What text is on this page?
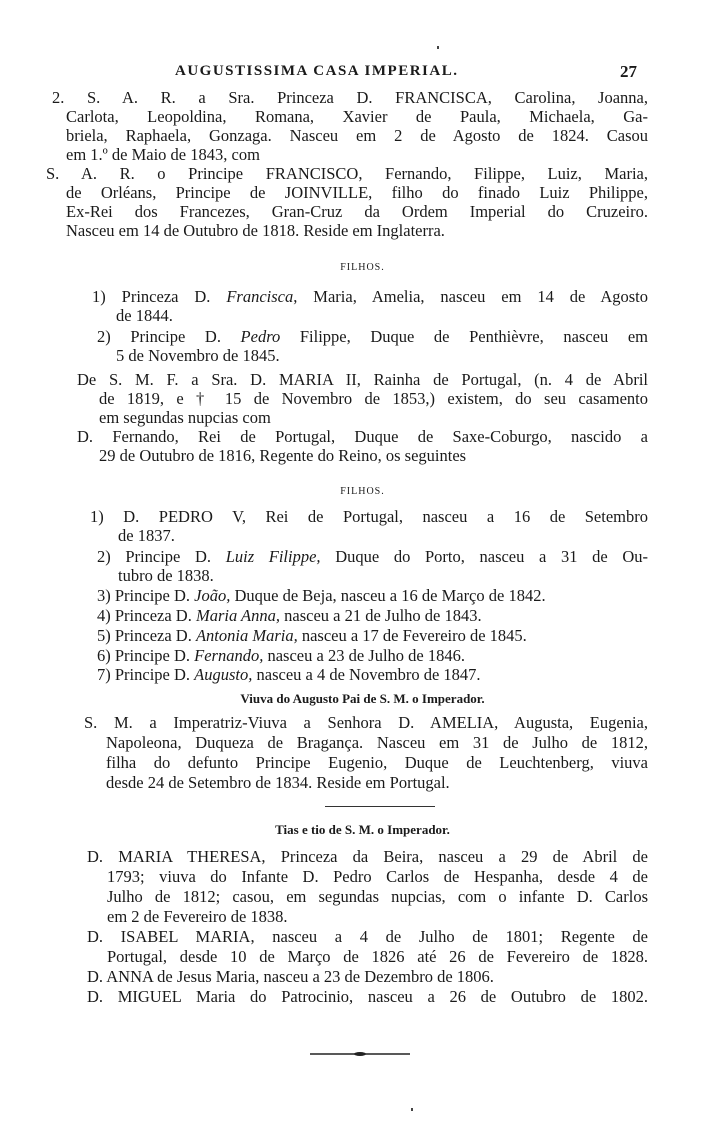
AUGUSTISSIMA CASA IMPERIAL.	27
2. S. A. R. a Sra. Princeza D. FRANCISCA, Carolina, Joanna,
Carlota, Leopoldina, Romana, Xavier de Paula, Michaela, Ga-
briela, Raphaela, Gonzaga. Nasceu em 2 de Agosto de 1824. Casou
em 1.º de Maio de 1843, com
S. A. R. o Principe FRANCISCO, Fernando, Filippe, Luiz, Maria,
de Orléans, Principe de JOINVILLE, filho do finado Luiz Philippe,
Ex-Rei dos Francezes, Gran-Cruz da Ordem Imperial do Cruzeiro.
Nasceu em 14 de Outubro de 1818. Reside em Inglaterra.
FILHOS.
1) Princeza D. Francisca, Maria, Amelia, nasceu em 14 de Agosto
de 1844.
2) Principe D. Pedro Filippe, Duque de Penthièvre, nasceu em
5 de Novembro de 1845.
De S. M. F. a Sra. D. MARIA II, Rainha de Portugal, (n. 4 de Abril
de 1819, e † 15 de Novembro de 1853,) existem, do seu casamento
em segundas nupcias com
D. Fernando, Rei de Portugal, Duque de Saxe-Coburgo, nascido a
29 de Outubro de 1816, Regente do Reino, os seguintes
FILHOS.
1) D. PEDRO V, Rei de Portugal, nasceu a 16 de Setembro
de 1837.
2) Principe D. Luiz Filippe, Duque do Porto, nasceu a 31 de Ou-
tubro de 1838.
3) Principe D. João, Duque de Beja, nasceu a 16 de Março de 1842.
4) Princeza D. Maria Anna, nasceu a 21 de Julho de 1843.
5) Princeza D. Antonia Maria, nasceu a 17 de Fevereiro de 1845.
6) Principe D. Fernando, nasceu a 23 de Julho de 1846.
7) Principe D. Augusto, nasceu a 4 de Novembro de 1847.
Viuva do Augusto Pai de S. M. o Imperador.
S. M. a Imperatriz-Viuva a Senhora D. AMELIA, Augusta, Eugenia,
Napoleona, Duqueza de Bragança. Nasceu em 31 de Julho de 1812,
filha do defunto Principe Eugenio, Duque de Leuchtenberg, viuva
desde 24 de Setembro de 1834. Reside em Portugal.
Tias e tio de S. M. o Imperador.
D. MARIA THERESA, Princeza da Beira, nasceu a 29 de Abril de
1793; viuva do Infante D. Pedro Carlos de Hespanha, desde 4 de
Julho de 1812; casou, em segundas nupcias, com o infante D. Carlos
em 2 de Fevereiro de 1838.
D. ISABEL MARIA, nasceu a 4 de Julho de 1801; Regente de
Portugal, desde 10 de Março de 1826 até 26 de Fevereiro de 1828.
D. ANNA de Jesus Maria, nasceu a 23 de Dezembro de 1806.
D. MIGUEL Maria do Patrocinio, nasceu a 26 de Outubro de 1802.
